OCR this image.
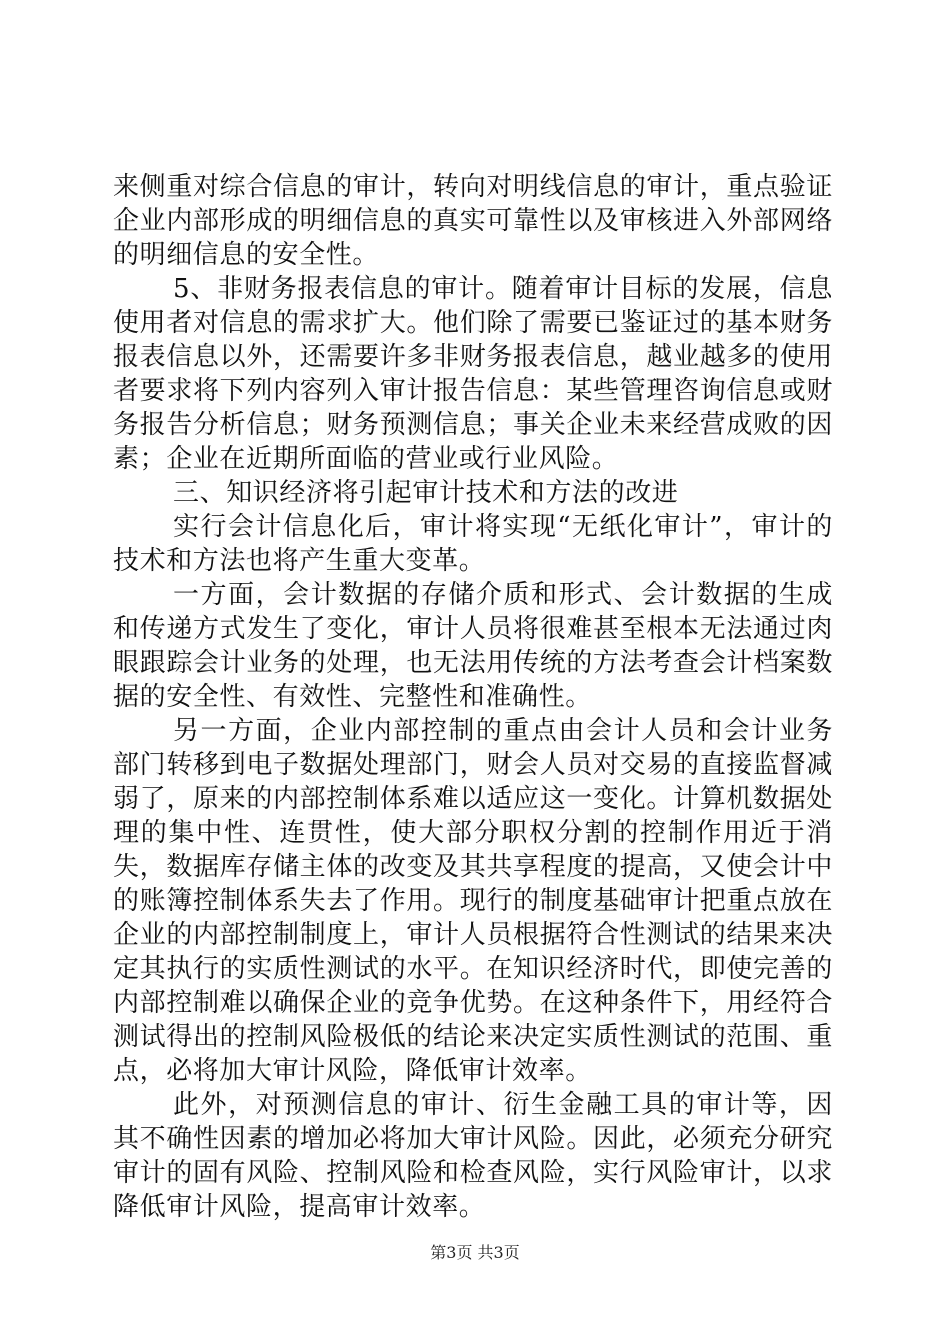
来侧重对综合信息的审计，转向对明线信息的审计，重点验证企业内部形成的明细信息的真实可靠性以及审核进入外部网络的明细信息的安全性。

5、非财务报表信息的审计。随着审计目标的发展，信息使用者对信息的需求扩大。他们除了需要已鉴证过的基本财务报表信息以外，还需要许多非财务报表信息，越业越多的使用者要求将下列内容列入审计报告信息：某些管理咨询信息或财务报告分析信息；财务预测信息；事关企业未来经营成败的因素；企业在近期所面临的营业或行业风险。

三、知识经济将引起审计技术和方法的改进

实行会计信息化后，审计将实现“无纸化审计”，审计的技术和方法也将产生重大变革。

一方面，会计数据的存储介质和形式、会计数据的生成和传递方式发生了变化，审计人员将很难甚至根本无法通过肉眼跟踪会计业务的处理，也无法用传统的方法考查会计档案数据的安全性、有效性、完整性和准确性。

另一方面，企业内部控制的重点由会计人员和会计业务部门转移到电子数据处理部门，财会人员对交易的直接监督减弱了，原来的内部控制体系难以适应这一变化。计算机数据处理的集中性、连贯性，使大部分职权分割的控制作用近于消失，数据库存储主体的改变及其共享程度的提高，又使会计中的账簿控制体系失去了作用。现行的制度基础审计把重点放在企业的内部控制制度上，审计人员根据符合性测试的结果来决定其执行的实质性测试的水平。在知识经济时代，即使完善的内部控制难以确保企业的竞争优势。在这种条件下，用经符合测试得出的控制风险极低的结论来决定实质性测试的范围、重点，必将加大审计风险，降低审计效率。

此外，对预测信息的审计、衍生金融工具的审计等，因其不确性因素的增加必将加大审计风险。因此，必须充分研究审计的固有风险、控制风险和检查风险，实行风险审计，以求降低审计风险，提高审计效率。

第3页 共3页
